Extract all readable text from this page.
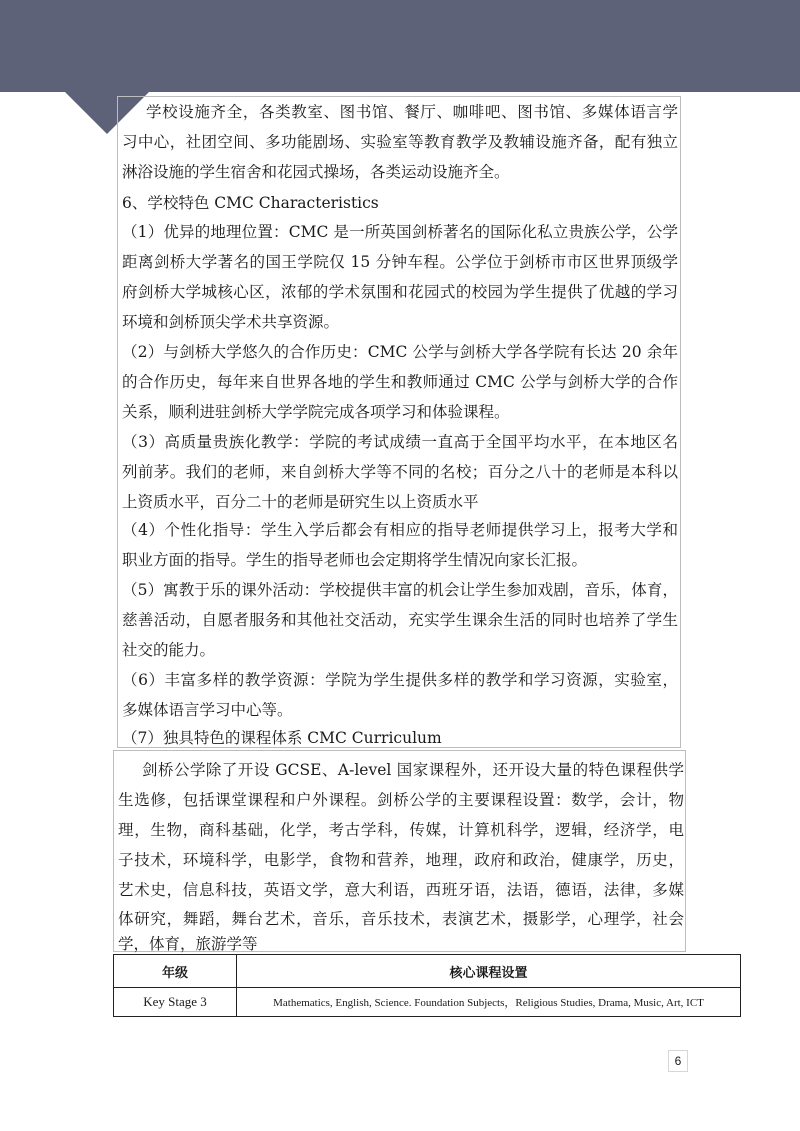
学校设施齐全，各类教室、图书馆、餐厅、咖啡吧、图书馆、多媒体语言学
习中心，社团空间、多功能剧场、实验室等教育教学及教辅设施齐备，配有独立
淋浴设施的学生宿舍和花园式操场，各类运动设施齐全。
6、学校特色 CMC Characteristics
（1）优异的地理位置：CMC 是一所英国剑桥著名的国际化私立贵族公学，公学
距离剑桥大学著名的国王学院仅 15 分钟车程。公学位于剑桥市市区世界顶级学
府剑桥大学城核心区，浓郁的学术氛围和花园式的校园为学生提供了优越的学习
环境和剑桥顶尖学术共享资源。
（2）与剑桥大学悠久的合作历史：CMC 公学与剑桥大学各学院有长达 20 余年
的合作历史，每年来自世界各地的学生和教师通过 CMC 公学与剑桥大学的合作
关系，顺利进驻剑桥大学学院完成各项学习和体验课程。
（3）高质量贵族化教学：学院的考试成绩一直高于全国平均水平，在本地区名
列前茅。我们的老师，来自剑桥大学等不同的名校；百分之八十的老师是本科以
上资质水平，百分二十的老师是研究生以上资质水平
（4）个性化指导：学生入学后都会有相应的指导老师提供学习上，报考大学和
职业方面的指导。学生的指导老师也会定期将学生情况向家长汇报。
（5）寓教于乐的课外活动：学校提供丰富的机会让学生参加戏剧，音乐，体育，
慈善活动，自愿者服务和其他社交活动，充实学生课余生活的同时也培养了学生
社交的能力。
（6）丰富多样的教学资源：学院为学生提供多样的教学和学习资源，实验室，
多媒体语言学习中心等。
（7）独具特色的课程体系 CMC Curriculum
剑桥公学除了开设 GCSE、A-level 国家课程外，还开设大量的特色课程供学
生选修，包括课堂课程和户外课程。剑桥公学的主要课程设置：数学，会计，物
理，生物，商科基础，化学，考古学科，传媒，计算机科学，逻辑，经济学，电
子技术，环境科学，电影学，食物和营养，地理，政府和政治，健康学，历史，
艺术史，信息科技，英语文学，意大利语，西班牙语，法语，德语，法律，多媒
体研究，舞蹈，舞台艺术，音乐，音乐技术，表演艺术，摄影学，心理学，社会
学，体育，旅游学等
年级	核心课程设置
Key Stage 3	Mathematics, English, Science. Foundation Subjects，Religious Studies, Drama, Music, Art, ICT
6
